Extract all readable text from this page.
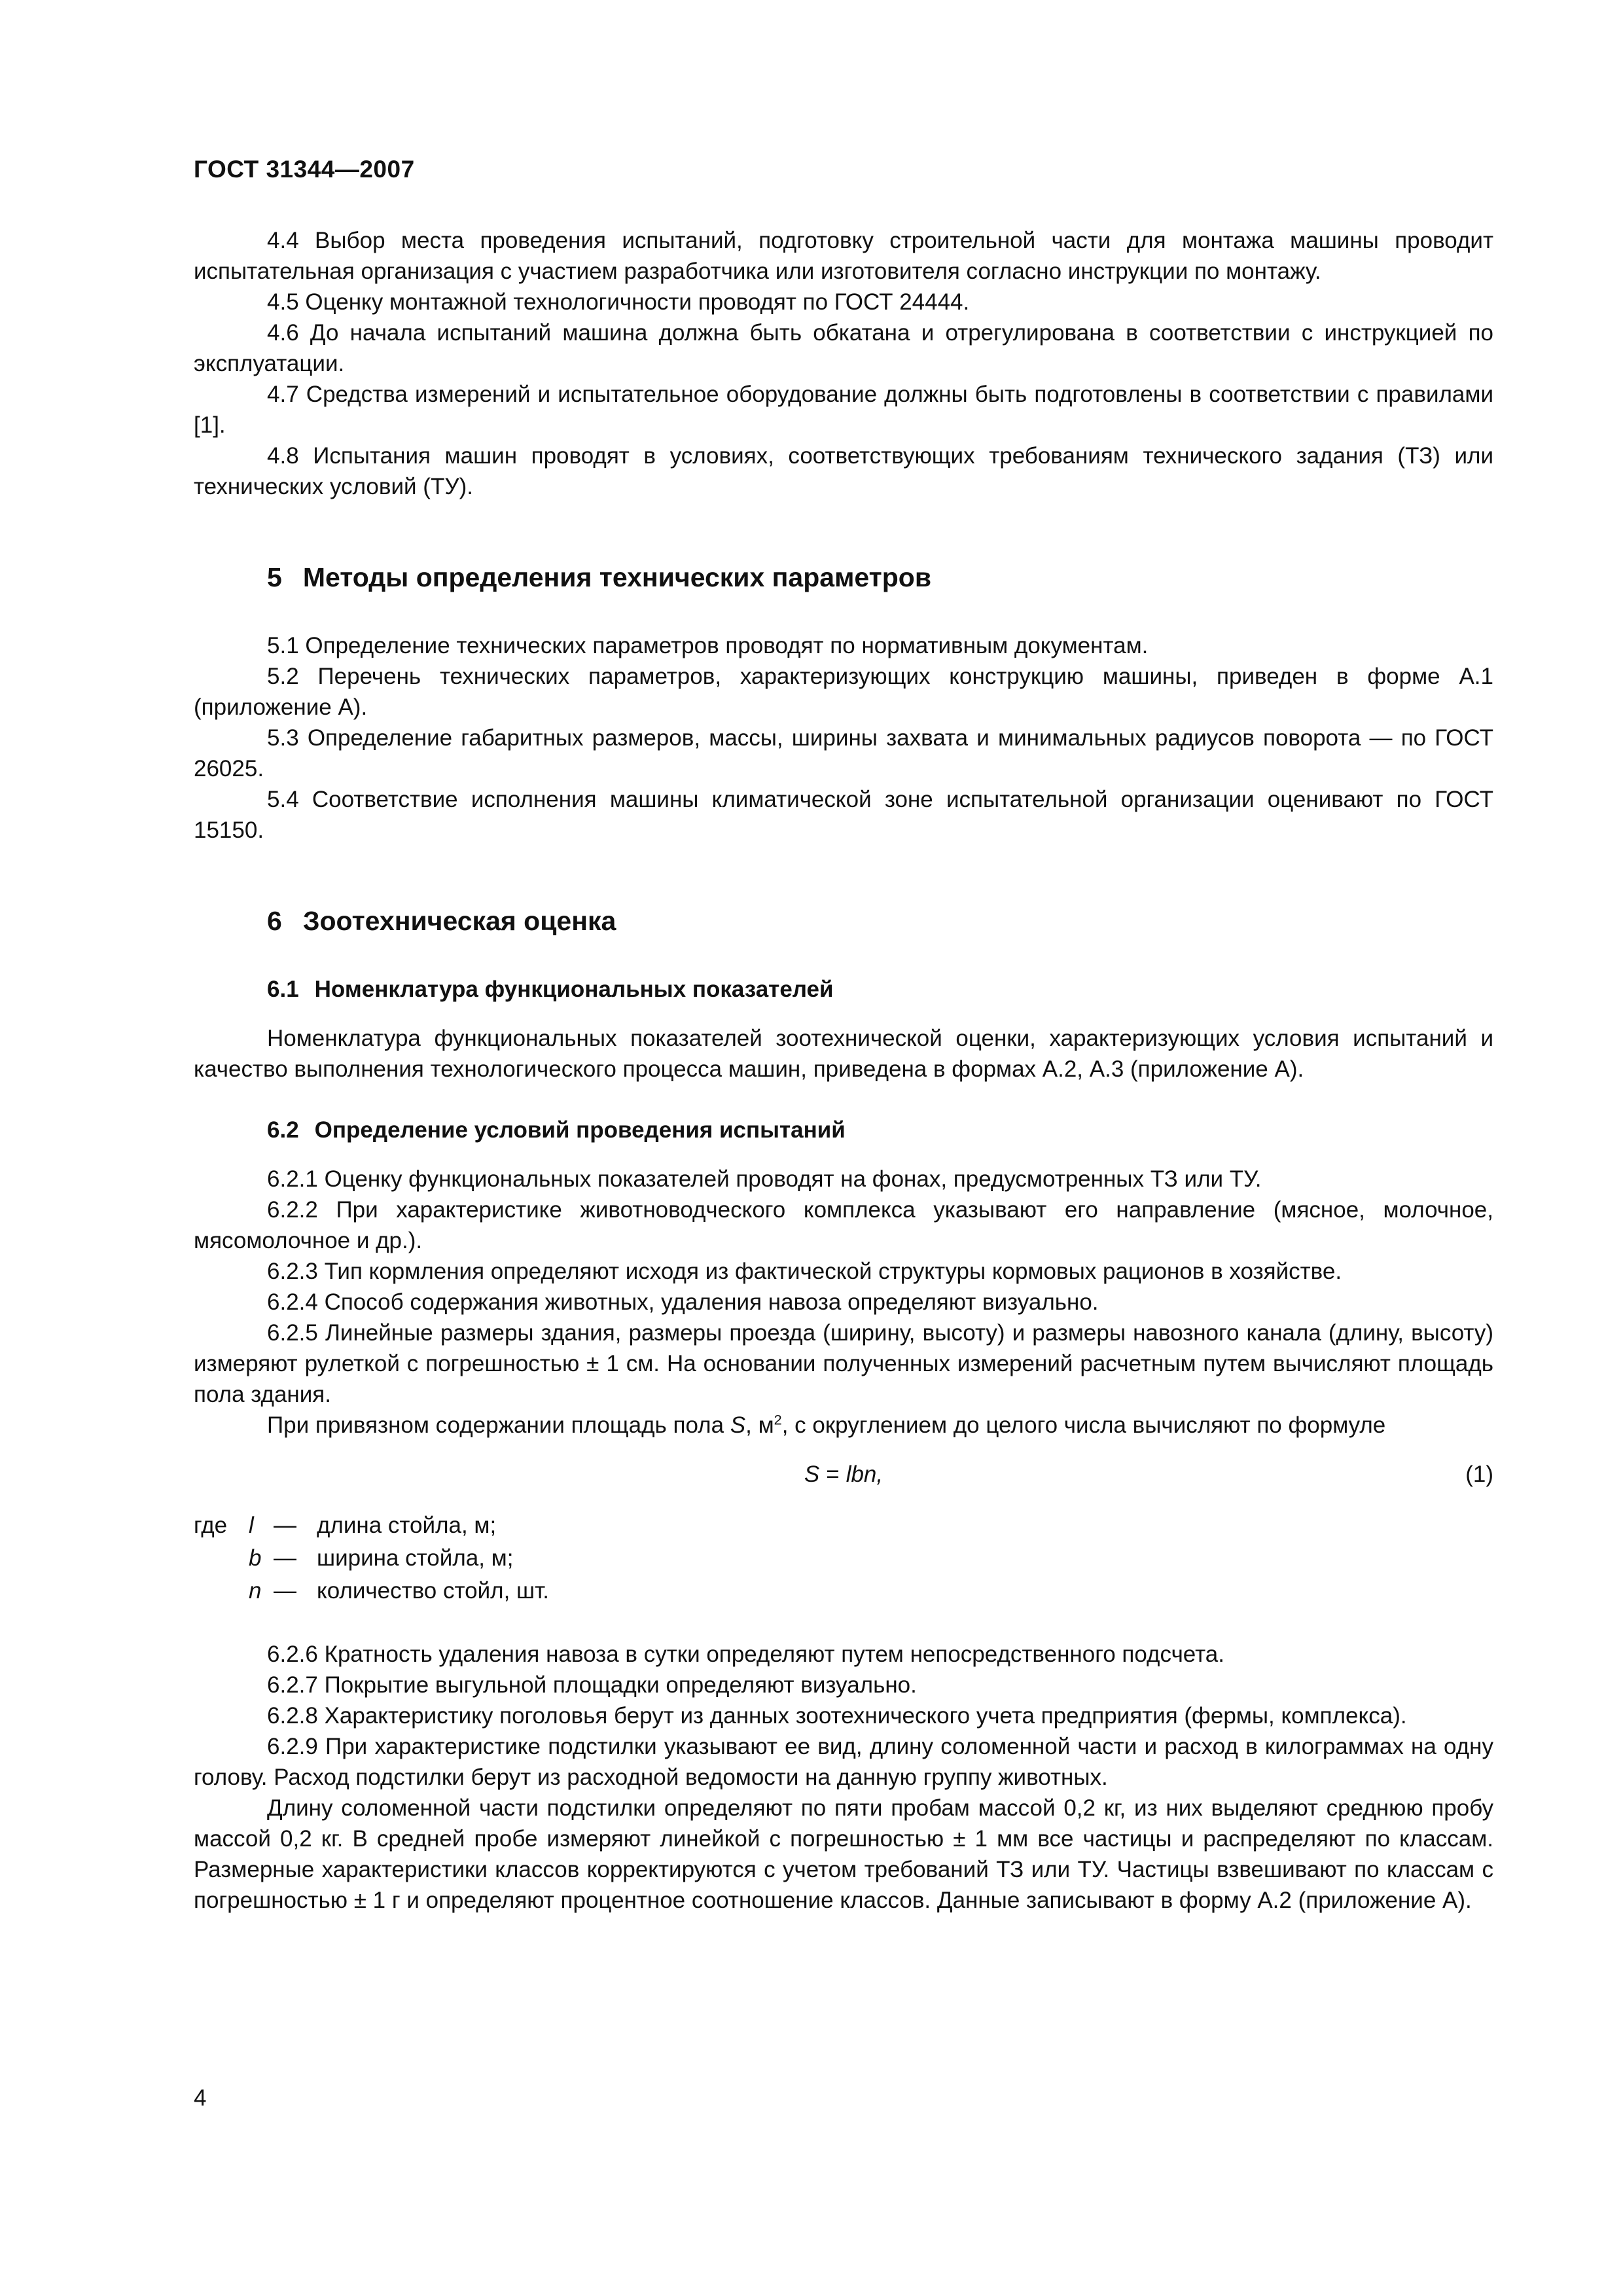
ГОСТ 31344—2007

4.4 Выбор места проведения испытаний, подготовку строительной части для монтажа машины проводит испытательная организация с участием разработчика или изготовителя согласно инструкции по монтажу.

4.5 Оценку монтажной технологичности проводят по ГОСТ 24444.

4.6 До начала испытаний машина должна быть обкатана и отрегулирована в соответствии с инструкцией по эксплуатации.

4.7 Средства измерений и испытательное оборудование должны быть подготовлены в соответствии с правилами [1].

4.8 Испытания машин проводят в условиях, соответствующих требованиям технического задания (ТЗ) или технических условий (ТУ).

5 Методы определения технических параметров

5.1 Определение технических параметров проводят по нормативным документам.

5.2 Перечень технических параметров, характеризующих конструкцию машины, приведен в форме А.1 (приложение А).

5.3 Определение габаритных размеров, массы, ширины захвата и минимальных радиусов поворота — по ГОСТ 26025.

5.4 Соответствие исполнения машины климатической зоне испытательной организации оценивают по ГОСТ 15150.

6 Зоотехническая оценка
6.1 Номенклатура функциональных показателей

Номенклатура функциональных показателей зоотехнической оценки, характеризующих условия испытаний и качество выполнения технологического процесса машин, приведена в формах А.2, А.3 (приложение А).

6.2 Определение условий проведения испытаний

6.2.1 Оценку функциональных показателей проводят на фонах, предусмотренных ТЗ или ТУ.

6.2.2 При характеристике животноводческого комплекса указывают его направление (мясное, молочное, мясомолочное и др.).

6.2.3 Тип кормления определяют исходя из фактической структуры кормовых рационов в хозяйстве.

6.2.4 Способ содержания животных, удаления навоза определяют визуально.

6.2.5 Линейные размеры здания, размеры проезда (ширину, высоту) и размеры навозного канала (длину, высоту) измеряют рулеткой с погрешностью ± 1 см. На основании полученных измерений расчетным путем вычисляют площадь пола здания.

При привязном содержании площадь пола S, $м^2$, с округлением до целого числа вычисляют по формуле

S = lbn,	(1)
где l — длина стойла, м;
b — ширина стойла, м;
n — количество стойл, шт.

6.2.6 Кратность удаления навоза в сутки определяют путем непосредственного подсчета.

6.2.7 Покрытие выгульной площадки определяют визуально.

6.2.8 Характеристику поголовья берут из данных зоотехнического учета предприятия (фермы, комплекса).

6.2.9 При характеристике подстилки указывают ее вид, длину соломенной части и расход в килограммах на одну голову. Расход подстилки берут из расходной ведомости на данную группу животных.

Длину соломенной части подстилки определяют по пяти пробам массой 0,2 кг, из них выделяют среднюю пробу массой 0,2 кг. В средней пробе измеряют линейкой с погрешностью ± 1 мм все частицы и распределяют по классам. Размерные характеристики классов корректируются с учетом требований ТЗ или ТУ. Частицы взвешивают по классам с погрешностью ± 1 г и определяют процентное соотношение классов. Данные записывают в форму А.2 (приложение А).

4
